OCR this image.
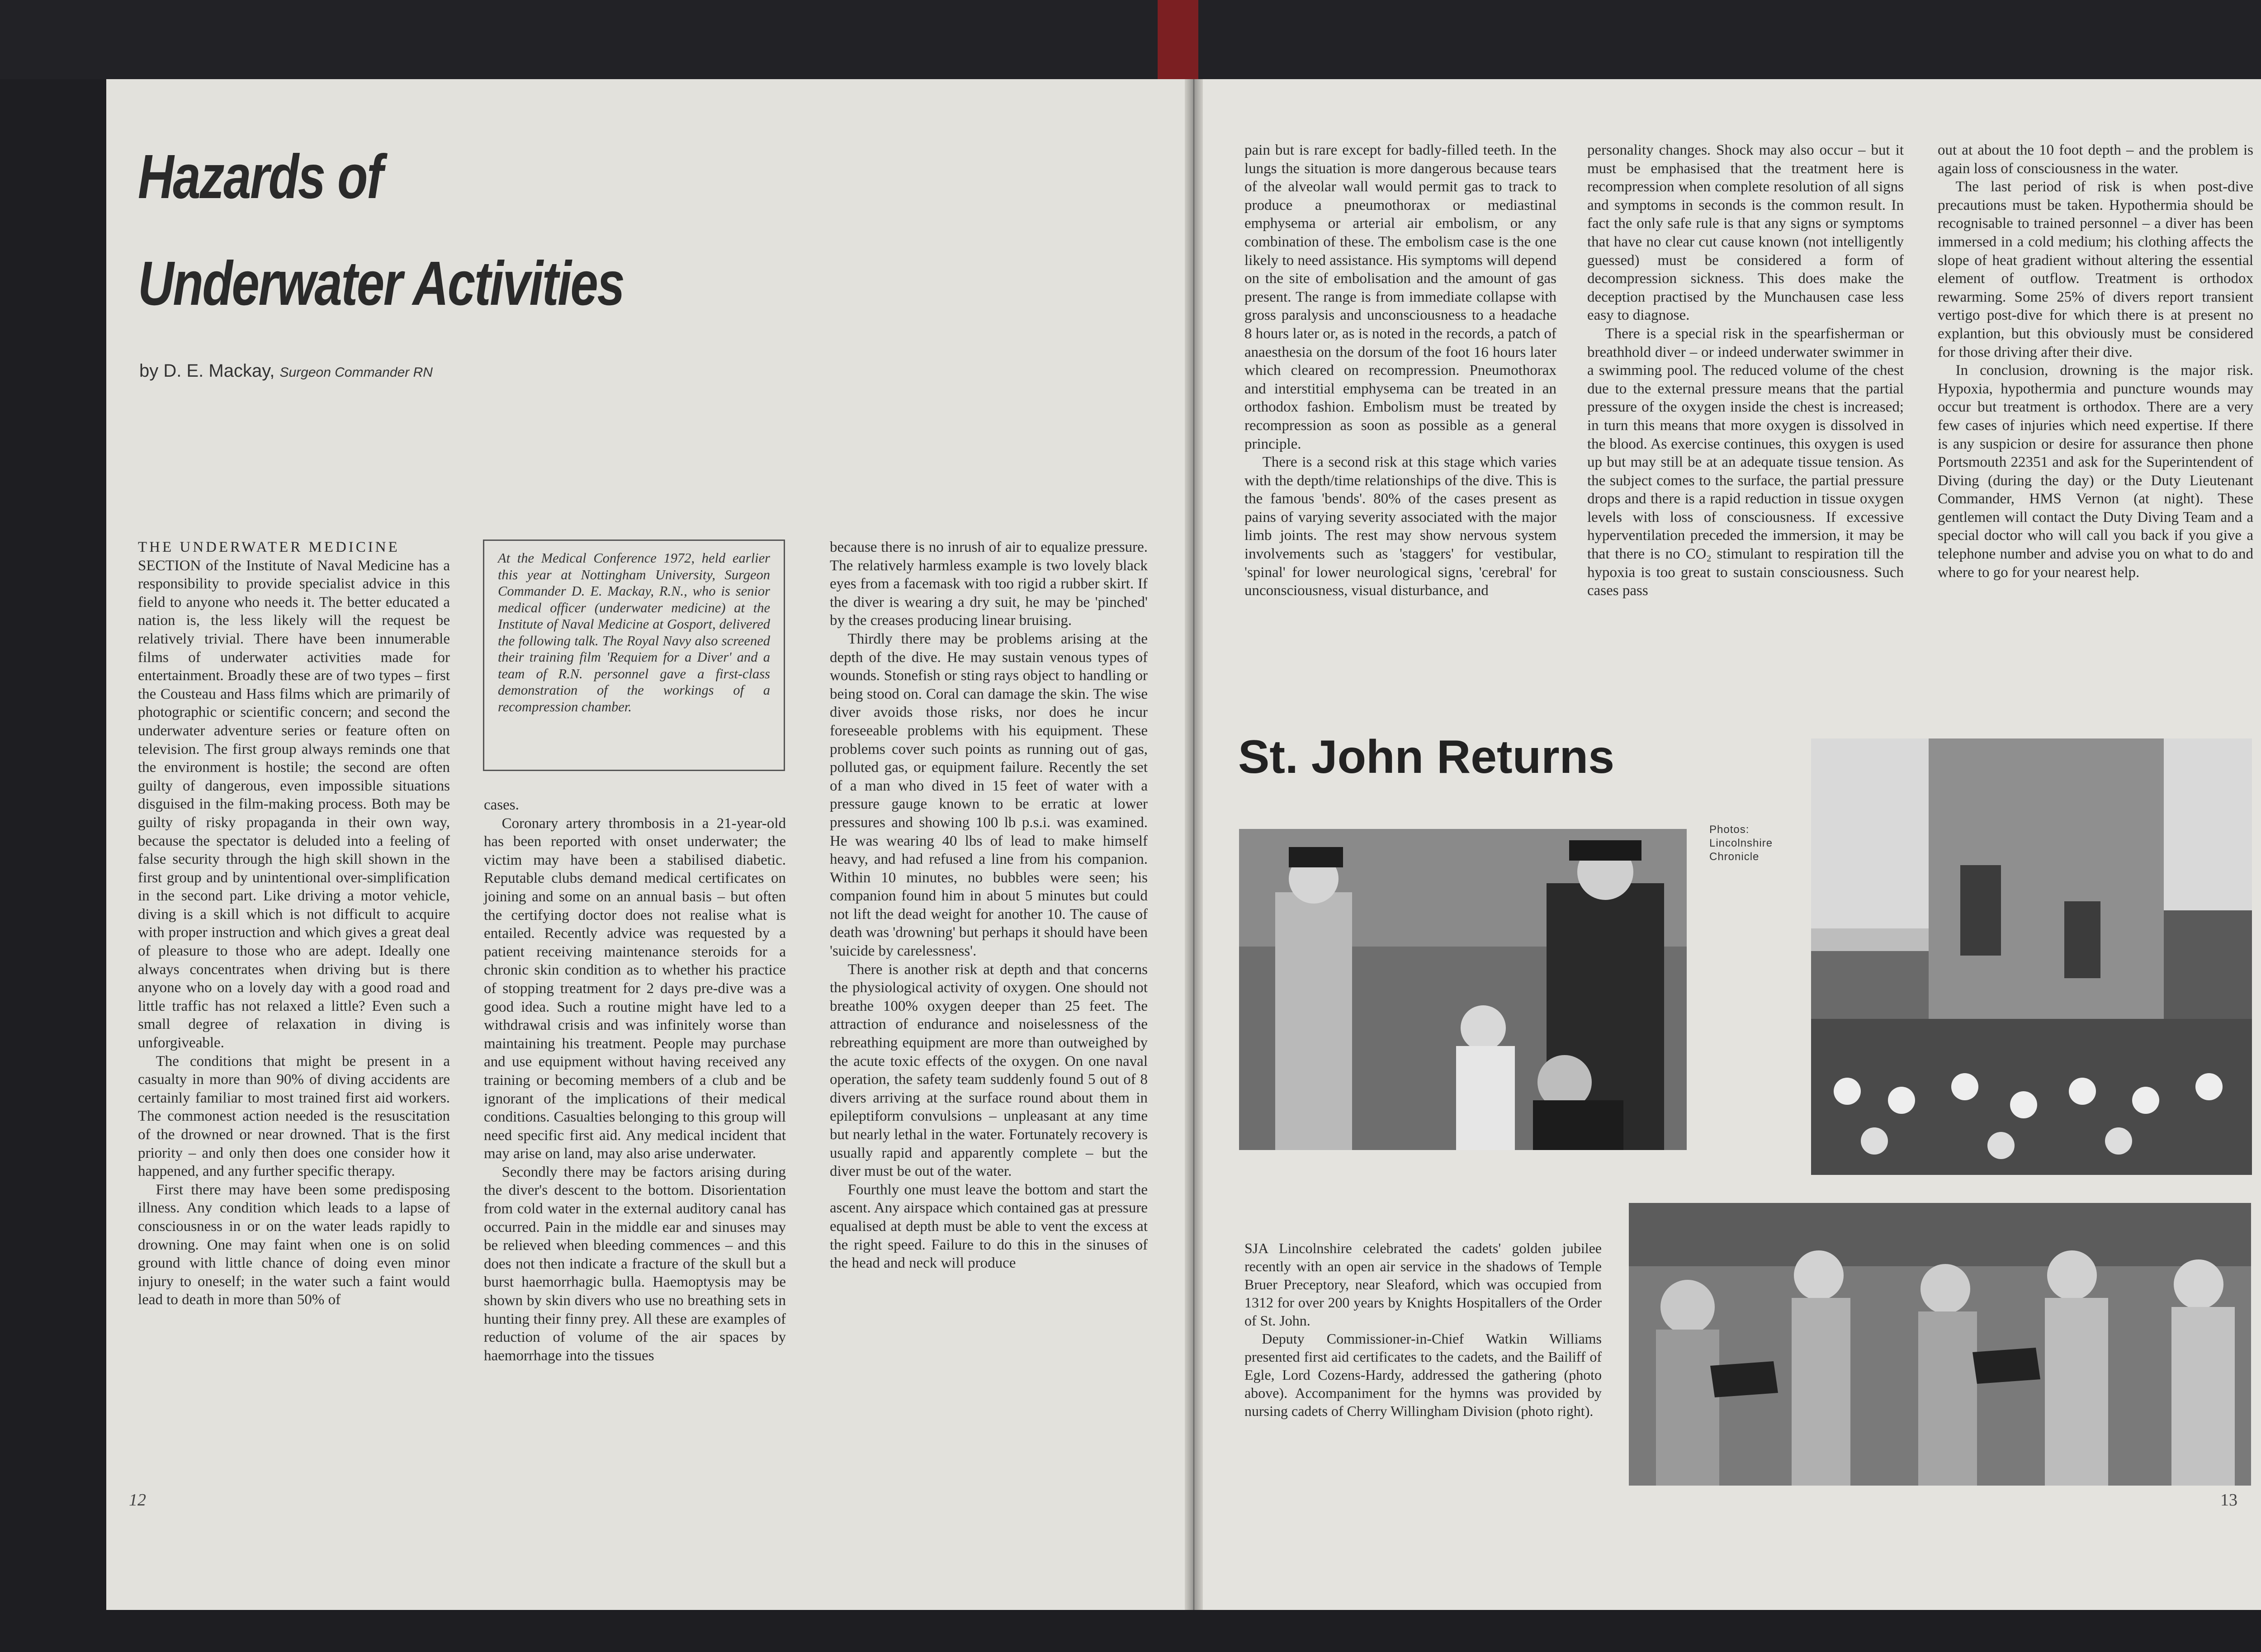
Hazards of
Underwater Activities
by D. E. Mackay, Surgeon Commander RN

THE UNDERWATER MEDICINE

SECTION of the Institute of Naval Medicine has a responsibility to provide specialist advice in this field to anyone who needs it. The better educated a nation is, the less likely will the request be relatively trivial. There have been innumerable films of underwater activities made for entertainment. Broadly these are of two types – first the Cousteau and Hass films which are primarily of photographic or scientific concern; and second the underwater adventure series or feature often on television. The first group always reminds one that the environment is hostile; the second are often guilty of dangerous, even impossible situations disguised in the film-making process. Both may be guilty of risky propaganda in their own way, because the spectator is deluded into a feeling of false security through the high skill shown in the first group and by unintentional over-simplification in the second part. Like driving a motor vehicle, diving is a skill which is not difficult to acquire with proper instruction and which gives a great deal of pleasure to those who are adept. Ideally one always concentrates when driving but is there anyone who on a lovely day with a good road and little traffic has not relaxed a little? Even such a small degree of relaxation in diving is unforgiveable.

The conditions that might be present in a casualty in more than 90% of diving accidents are certainly familiar to most trained first aid workers. The commonest action needed is the resuscitation of the drowned or near drowned. That is the first priority – and only then does one consider how it happened, and any further specific therapy.

First there may have been some predisposing illness. Any condition which leads to a lapse of consciousness in or on the water leads rapidly to drowning. One may faint when one is on solid ground with little chance of doing even minor injury to oneself; in the water such a faint would lead to death in more than 50% of

At the Medical Conference 1972, held earlier this year at Nottingham University, Surgeon Commander D. E. Mackay, R.N., who is senior medical officer (underwater medicine) at the Institute of Naval Medicine at Gosport, delivered the following talk. The Royal Navy also screened their training film 'Requiem for a Diver' and a team of R.N. personnel gave a first-class demonstration of the workings of a recompression chamber.

cases.

Coronary artery thrombosis in a 21-year-old has been reported with onset underwater; the victim may have been a stabilised diabetic. Reputable clubs demand medical certificates on joining and some on an annual basis – but often the certifying doctor does not realise what is entailed. Recently advice was requested by a patient receiving maintenance steroids for a chronic skin condition as to whether his practice of stopping treatment for 2 days pre-dive was a good idea. Such a routine might have led to a withdrawal crisis and was infinitely worse than maintaining his treatment. People may purchase and use equipment without having received any training or becoming members of a club and be ignorant of the implications of their medical conditions. Casualties belonging to this group will need specific first aid. Any medical incident that may arise on land, may also arise underwater.

Secondly there may be factors arising during the diver's descent to the bottom. Disorientation from cold water in the external auditory canal has occurred. Pain in the middle ear and sinuses may be relieved when bleeding commences – and this does not then indicate a fracture of the skull but a burst haemorrhagic bulla. Haemoptysis may be shown by skin divers who use no breathing sets in hunting their finny prey. All these are examples of reduction of volume of the air spaces by haemorrhage into the tissues

because there is no inrush of air to equalize pressure. The relatively harmless example is two lovely black eyes from a facemask with too rigid a rubber skirt. If the diver is wearing a dry suit, he may be 'pinched' by the creases producing linear bruising.

Thirdly there may be problems arising at the depth of the dive. He may sustain venous types of wounds. Stonefish or sting rays object to handling or being stood on. Coral can damage the skin. The wise diver avoids those risks, nor does he incur foreseeable problems with his equipment. These problems cover such points as running out of gas, polluted gas, or equipment failure. Recently the set of a man who dived in 15 feet of water with a pressure gauge known to be erratic at lower pressures and showing 100 lb p.s.i. was examined. He was wearing 40 lbs of lead to make himself heavy, and had refused a line from his companion. Within 10 minutes, no bubbles were seen; his companion found him in about 5 minutes but could not lift the dead weight for another 10. The cause of death was 'drowning' but perhaps it should have been 'suicide by carelessness'.

There is another risk at depth and that concerns the physiological activity of oxygen. One should not breathe 100% oxygen deeper than 25 feet. The attraction of endurance and noiselessness of the rebreathing equipment are more than outweighed by the acute toxic effects of the oxygen. On one naval operation, the safety team suddenly found 5 out of 8 divers arriving at the surface round about them in epileptiform convulsions – unpleasant at any time but nearly lethal in the water. Fortunately recovery is usually rapid and apparently complete – but the diver must be out of the water.

Fourthly one must leave the bottom and start the ascent. Any airspace which contained gas at pressure equalised at depth must be able to vent the excess at the right speed. Failure to do this in the sinuses of the head and neck will produce

12

pain but is rare except for badly-filled teeth. In the lungs the situation is more dangerous because tears of the alveolar wall would permit gas to track to produce a pneumothorax or mediastinal emphysema or arterial air embolism, or any combination of these. The embolism case is the one likely to need assistance. His symptoms will depend on the site of embolisation and the amount of gas present. The range is from immediate collapse with gross paralysis and unconsciousness to a headache 8 hours later or, as is noted in the records, a patch of anaesthesia on the dorsum of the foot 16 hours later which cleared on recompression. Pneumothorax and interstitial emphysema can be treated in an orthodox fashion. Embolism must be treated by recompression as soon as possible as a general principle.

There is a second risk at this stage which varies with the depth/time relationships of the dive. This is the famous 'bends'. 80% of the cases present as pains of varying severity associated with the major limb joints. The rest may show nervous system involvements such as 'staggers' for vestibular, 'spinal' for lower neurological signs, 'cerebral' for unconsciousness, visual disturbance, and

personality changes. Shock may also occur – but it must be emphasised that the treatment here is recompression when complete resolution of all signs and symptoms in seconds is the common result. In fact the only safe rule is that any signs or symptoms that have no clear cut cause known (not intelligently guessed) must be considered a form of decompression sickness. This does make the deception practised by the Munchausen case less easy to diagnose.

There is a special risk in the spearfisherman or breathhold diver – or indeed underwater swimmer in a swimming pool. The reduced volume of the chest due to the external pressure means that the partial pressure of the oxygen inside the chest is increased; in turn this means that more oxygen is dissolved in the blood. As exercise continues, this oxygen is used up but may still be at an adequate tissue tension. As the subject comes to the surface, the partial pressure drops and there is a rapid reduction in tissue oxygen levels with loss of consciousness. If excessive hyperventilation preceded the immersion, it may be that there is no CO₂ stimulant to respiration till the hypoxia is too great to sustain consciousness. Such cases pass

out at about the 10 foot depth – and the problem is again loss of consciousness in the water.

The last period of risk is when post-dive precautions must be taken. Hypothermia should be recognisable to trained personnel – a diver has been immersed in a cold medium; his clothing affects the slope of heat gradient without altering the essential element of outflow. Treatment is orthodox rewarming. Some 25% of divers report transient vertigo post-dive for which there is at present no explantion, but this obviously must be considered for those driving after their dive.

In conclusion, drowning is the major risk. Hypoxia, hypothermia and puncture wounds may occur but treatment is orthodox. There are a very few cases of injuries which need expertise. If there is any suspicion or desire for assurance then phone Portsmouth 22351 and ask for the Superintendent of Diving (during the day) or the Duty Lieutenant Commander, HMS Vernon (at night). These gentlemen will contact the Duty Diving Team and a special doctor who will call you back if you give a telephone number and advise you on what to do and where to go for your nearest help.

St. John Returns
Photos:
Lincolnshire
Chronicle

SJA Lincolnshire celebrated the cadets' golden jubilee recently with an open air service in the shadows of Temple Bruer Preceptory, near Sleaford, which was occupied from 1312 for over 200 years by Knights Hospitallers of the Order of St. John.

Deputy Commissioner-in-Chief Watkin Williams presented first aid certificates to the cadets, and the Bailiff of Egle, Lord Cozens-Hardy, addressed the gathering (photo above). Accompaniment for the hymns was provided by nursing cadets of Cherry Willingham Division (photo right).

13
